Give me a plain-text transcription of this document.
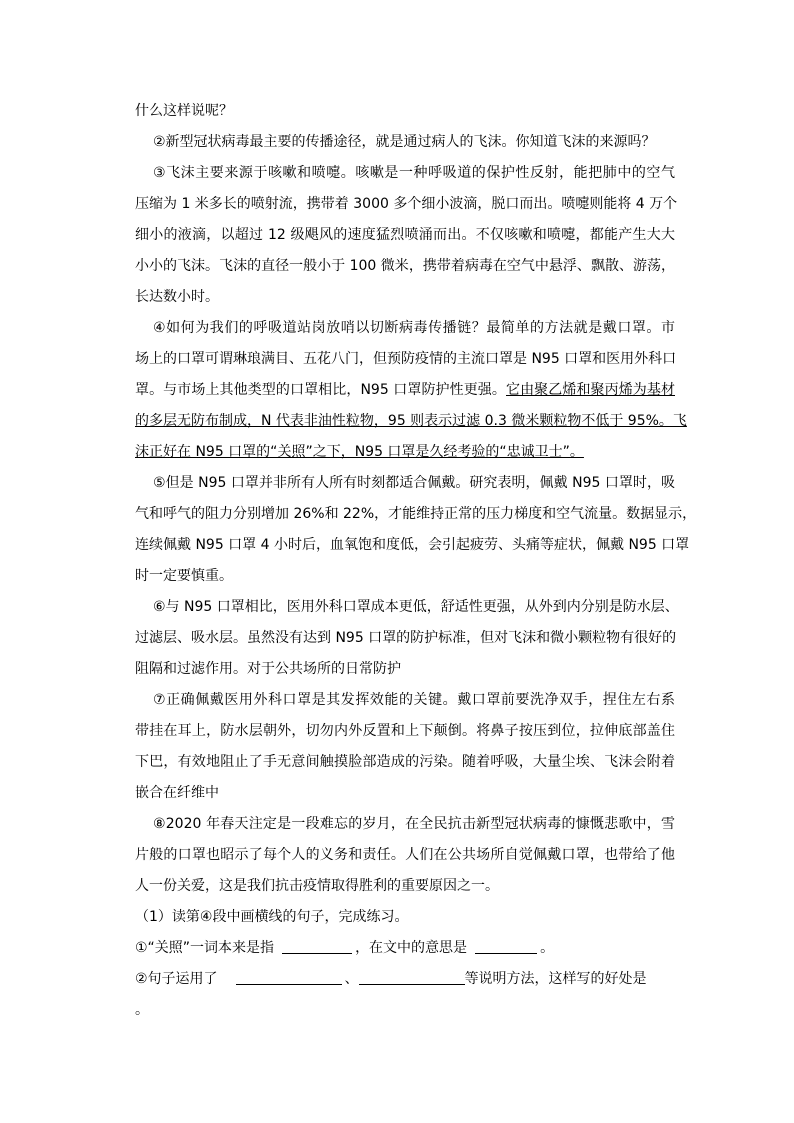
什么这样说呢？
②新型冠状病毒最主要的传播途径，就是通过病人的飞沫。你知道飞沫的来源吗？
③飞沫主要来源于咳嗽和喷嚏。咳嗽是一种呼吸道的保护性反射，能把肺中的空气
压缩为 1 米多长的喷射流，携带着 3000 多个细小波滴，脱口而出。喷嚏则能将 4 万个
细小的液滴，以超过 12 级飓风的速度猛烈喷涌而出。不仅咳嗽和喷嚏，都能产生大大
小小的飞沫。飞沫的直径一般小于 100 微米，携带着病毒在空气中悬浮、飘散、游荡，
长达数小时。
④如何为我们的呼吸道站岗放哨以切断病毒传播链？最简单的方法就是戴口罩。市
场上的口罩可谓琳琅满目、五花八门，但预防疫情的主流口罩是 N95 口罩和医用外科口
罩。与市场上其他类型的口罩相比，N95 口罩防护性更强。它由聚乙烯和聚丙烯为基材
的多层无防布制成，N 代表非油性粒物，95 则表示过滤 0.3 微米颗粒物不低于 95%。飞
沫正好在 N95 口罩的“关照”之下，N95 口罩是久经考验的“忠诚卫士”。
⑤但是 N95 口罩并非所有人所有时刻都适合佩戴。研究表明，佩戴 N95 口罩时，吸
气和呼气的阻力分别增加 26%和 22%，才能维持正常的压力梯度和空气流量。数据显示，
连续佩戴 N95 口罩 4 小时后，血氧饱和度低，会引起疲劳、头痛等症状，佩戴 N95 口罩
时一定要慎重。
⑥与 N95 口罩相比，医用外科口罩成本更低，舒适性更强，从外到内分别是防水层、
过滤层、吸水层。虽然没有达到 N95 口罩的防护标准，但对飞沫和微小颗粒物有很好的
阻隔和过滤作用。对于公共场所的日常防护
⑦正确佩戴医用外科口罩是其发挥效能的关键。戴口罩前要洗净双手，捏住左右系
带挂在耳上，防水层朝外，切勿内外反置和上下颠倒。将鼻子按压到位，拉伸底部盖住
下巴，有效地阻止了手无意间触摸脸部造成的污染。随着呼吸，大量尘埃、飞沫会附着
嵌合在纤维中
⑧2020 年春天注定是一段难忘的岁月，在全民抗击新型冠状病毒的慷慨悲歌中，雪
片般的口罩也昭示了每个人的义务和责任。人们在公共场所自觉佩戴口罩，也带给了他
人一份关爱，这是我们抗击疫情取得胜利的重要原因之一。
（1）读第④段中画横线的句子，完成练习。
①“关照”一词本来是指	，在文中的意思是	。
②句子运用了	、	等说明方法，这样写的好处是
。
